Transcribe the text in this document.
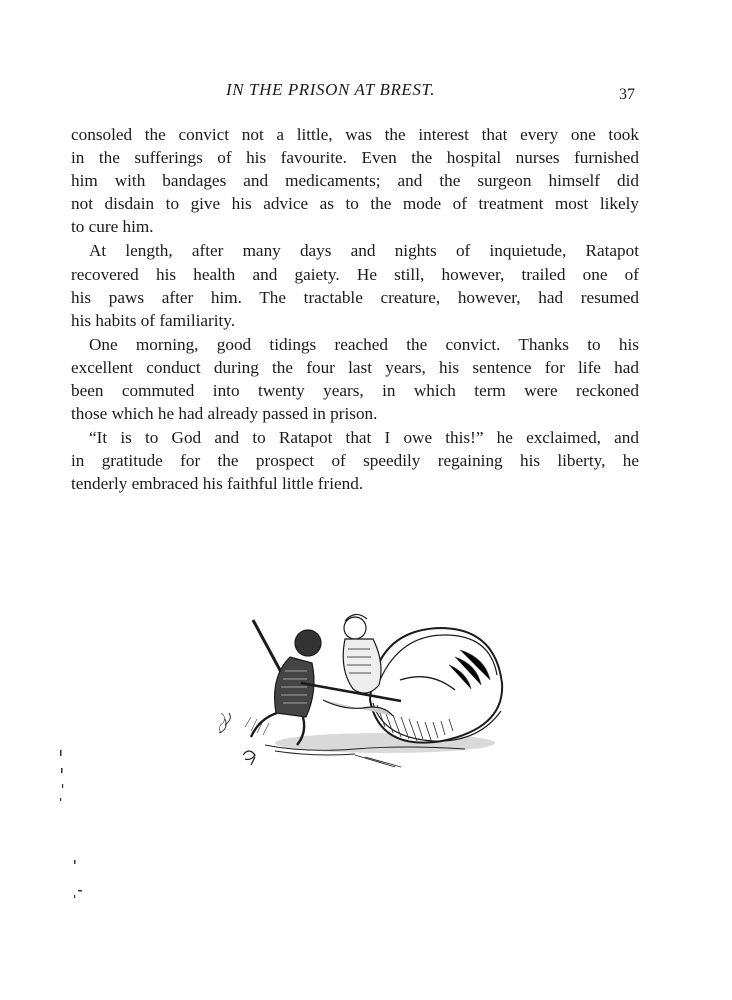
IN THE PRISON AT BREST.	37

consoled the convict not a little, was the interest that every one took
in the sufferings of his favourite. Even the hospital nurses furnished
him with bandages and medicaments; and the surgeon himself did
not disdain to give his advice as to the mode of treatment most likely
to cure him.

At length, after many days and nights of inquietude, Ratapot
recovered his health and gaiety. He still, however, trailed one of
his paws after him. The tractable creature, however, had resumed
his habits of familiarity.

One morning, good tidings reached the convict. Thanks to his
excellent conduct during the four last years, his sentence for life had
been commuted into twenty years, in which term were reckoned
those which he had already passed in prison.

“It is to God and to Ratapot that I owe this!” he exclaimed, and
in gratitude for the prospect of speedily regaining his liberty, he
tenderly embraced his faithful little friend.
